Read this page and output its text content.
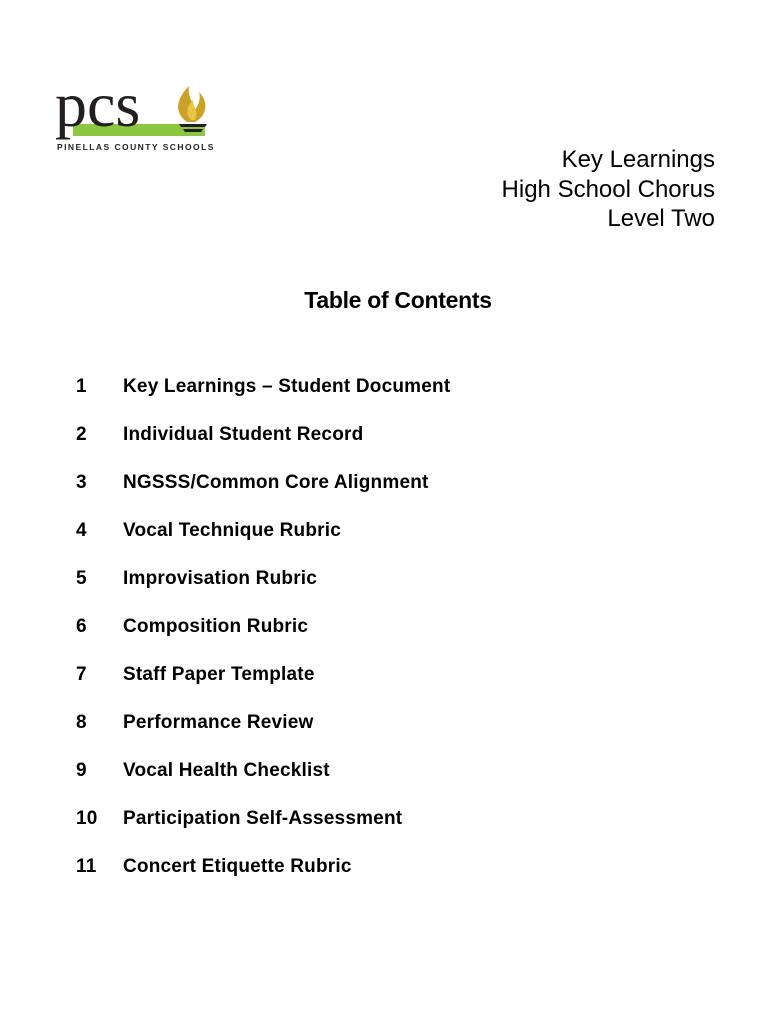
pcs
PINELLAS COUNTY SCHOOLS	Key Learnings
High School Chorus
Level Two
Table of Contents
1	Key Learnings – Student Document
2	Individual Student Record
3	NGSSS/Common Core Alignment
4	Vocal Technique Rubric
5	Improvisation Rubric
6	Composition Rubric
7	Staff Paper Template
8	Performance Review
9	Vocal Health Checklist
10	Participation Self-Assessment
11	Concert Etiquette Rubric
